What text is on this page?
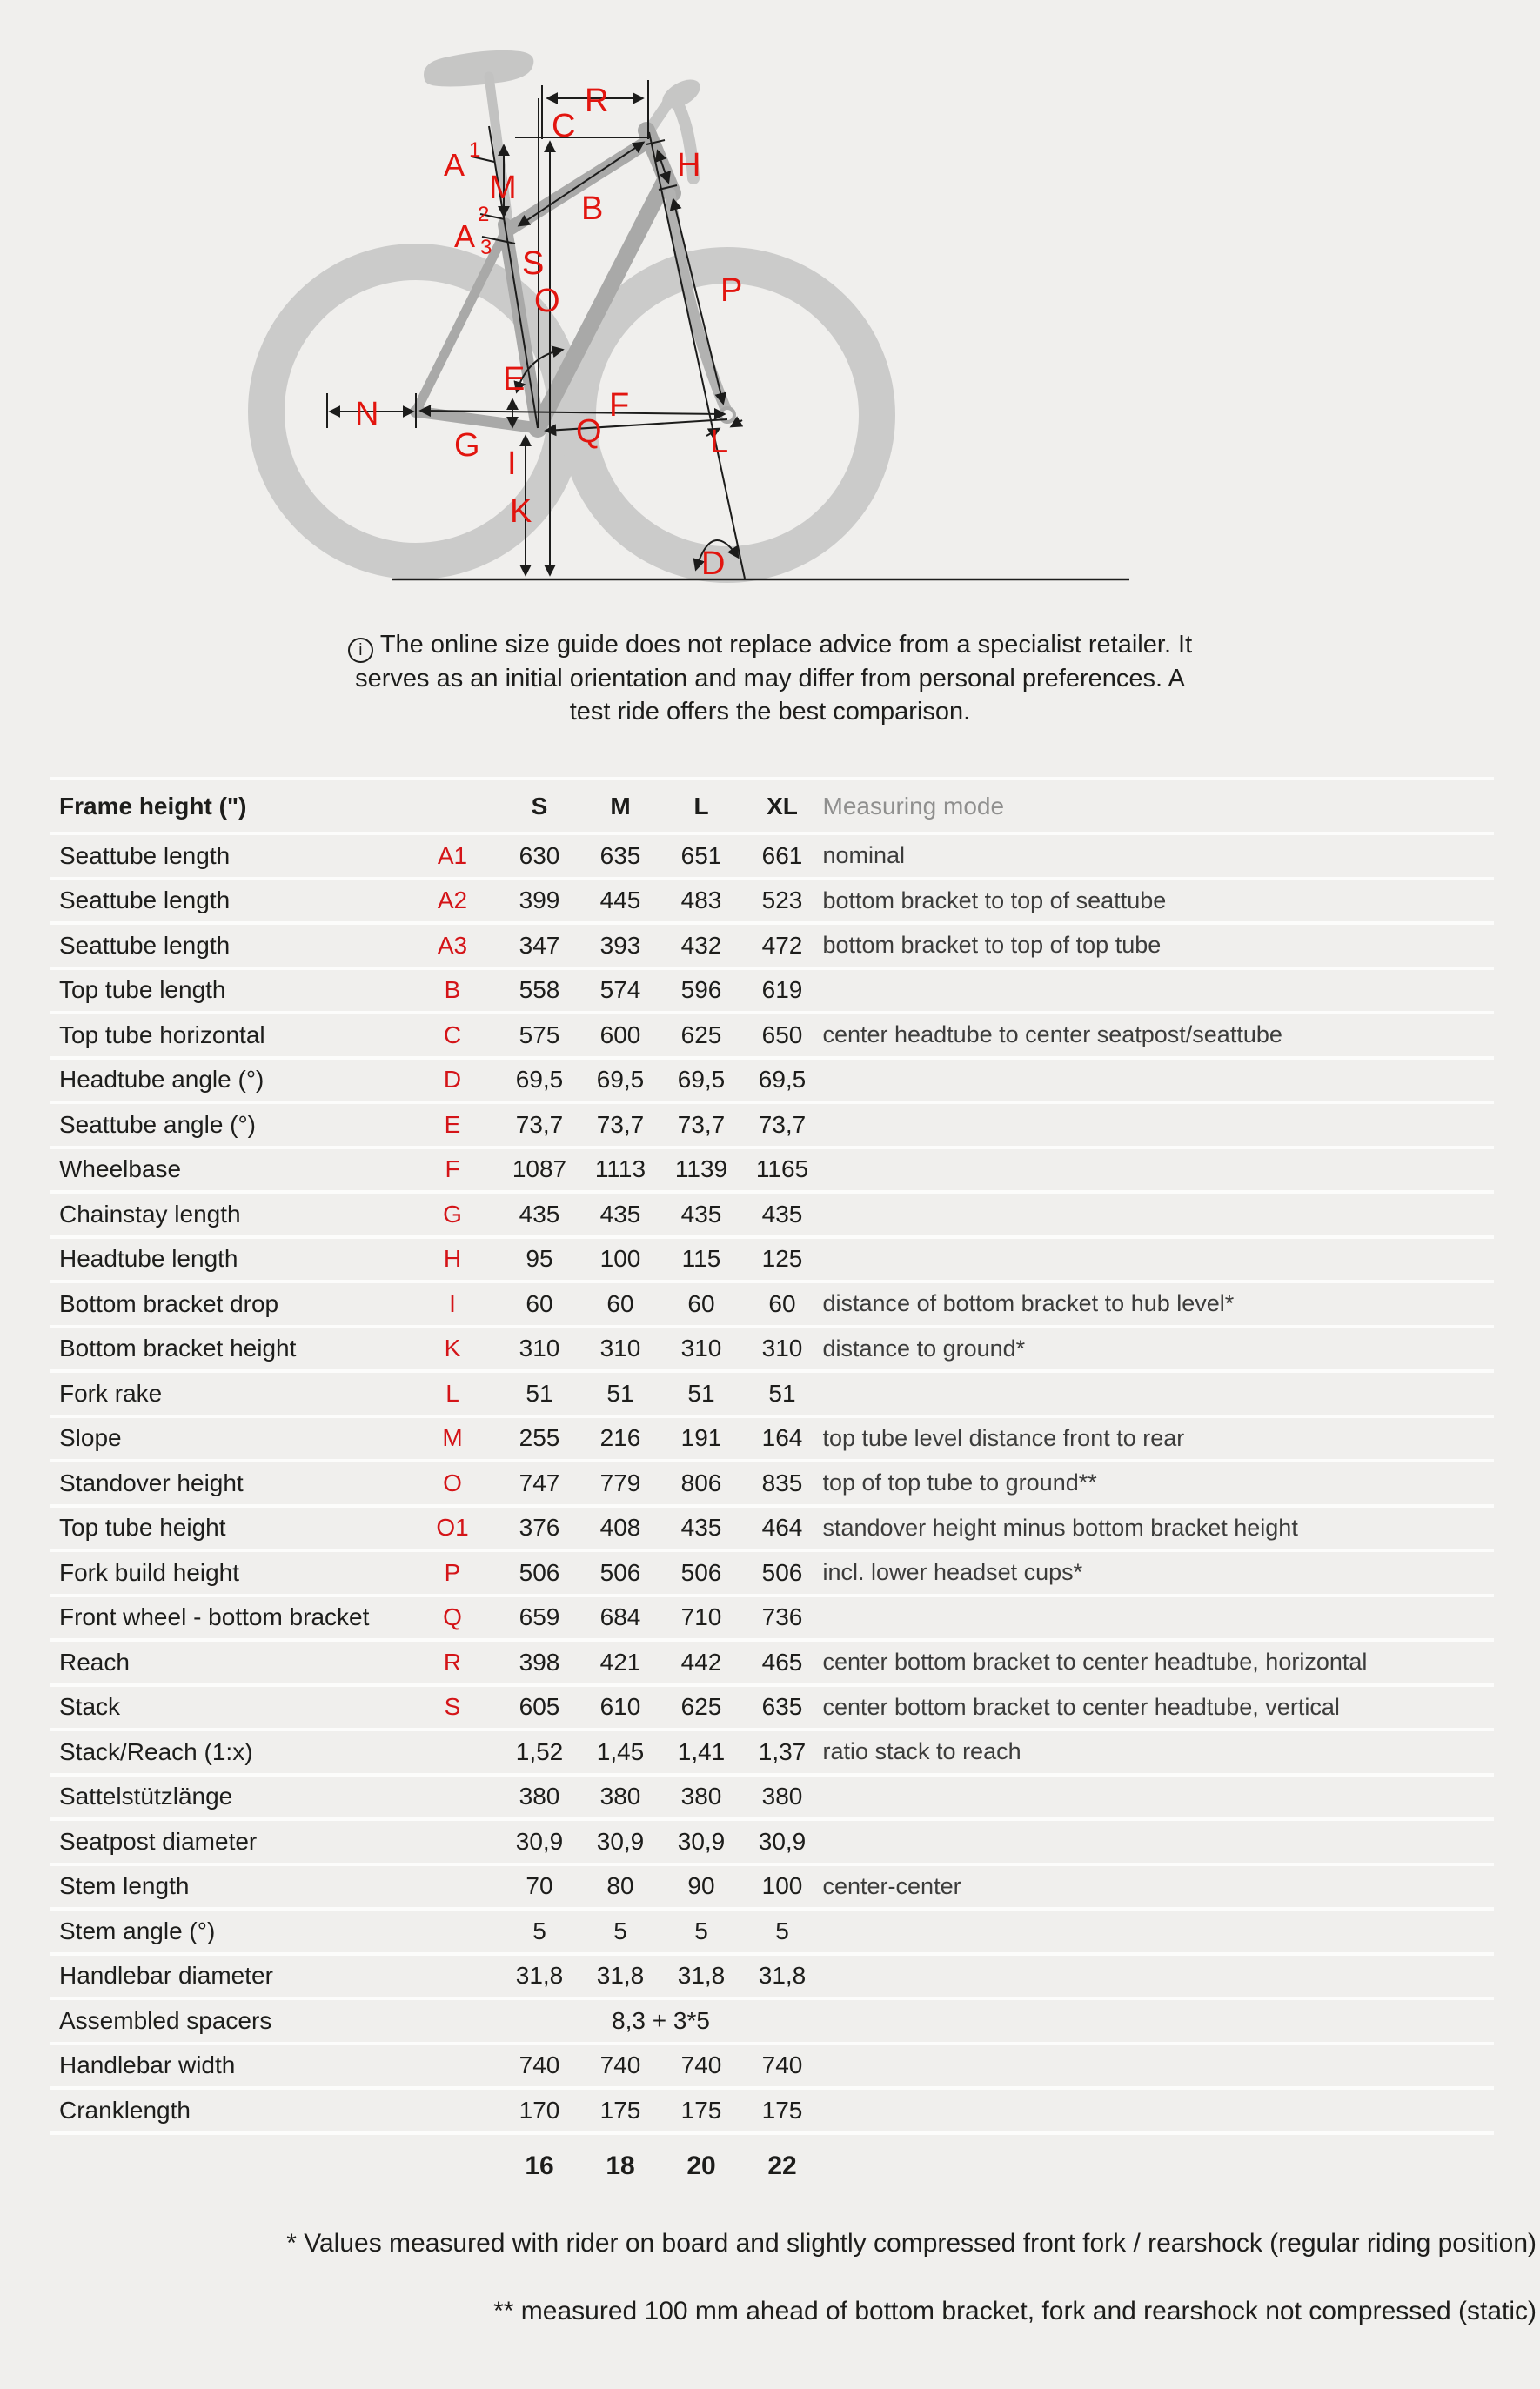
R
C
A 1
M
A
2
3
B
H
S
O	P
E
N
G I
Q
F
L
K
D
i The online size guide does not replace advice from a specialist retailer. It
serves as an initial orientation and may differ from personal preferences. A
test ride offers the best comparison.
Frame height (")	S	M	L	XL	Measuring mode
Seattube length	A1	630	635	651	661 nominal
Seattube length	A2	399	445	483	523 bottom bracket to top of seattube
Seattube length	A3	347	393	432	472 bottom bracket to top of top tube
Top tube length	B	558	574	596	619
Top tube horizontal	C	575	600	625	650 center headtube to center seatpost/seattube
Headtube angle (°)	D	69,5	69,5	69,5	69,5
Seattube angle (°)	E	73,7	73,7	73,7	73,7
Wheelbase	F	1087	1113	1139	1165
Chainstay length	G	435	435	435	435
Headtube length	H	95	100	115	125
Bottom bracket drop	I	60	60	60	60	distance of bottom bracket to hub level*
Bottom bracket height	K	310	310	310	310 distance to ground*
Fork rake	L	51	51	51	51
Slope	M	255	216	191	164 top tube level distance front to rear
Standover height	O	747	779	806	835 top of top tube to ground**
Top tube height	O1	376	408	435	464 standover height minus bottom bracket height
Fork build height	P	506	506	506	506 incl. lower headset cups*
Front wheel - bottom bracket	Q	659	684	710	736
Reach	R	398	421	442	465 center bottom bracket to center headtube, horizontal
Stack	S	605	610	625	635 center bottom bracket to center headtube, vertical
Stack/Reach (1:x)	1,52	1,45	1,41	1,37 ratio stack to reach
Sattelstützlänge	380	380	380	380
Seatpost diameter	30,9	30,9	30,9	30,9
Stem length	70	80	90	100 center-center
Stem angle (°)	5	5	5	5
Handlebar diameter	31,8	31,8	31,8	31,8
Assembled spacers	8,3 + 3*5
Handlebar width	740	740	740	740
Cranklength	170	175	175	175
16	18	20	22
* Values measured with rider on board and slightly compressed front fork / rearshock (regular riding position)
** measured 100 mm ahead of bottom bracket, fork and rearshock not compressed (static)
